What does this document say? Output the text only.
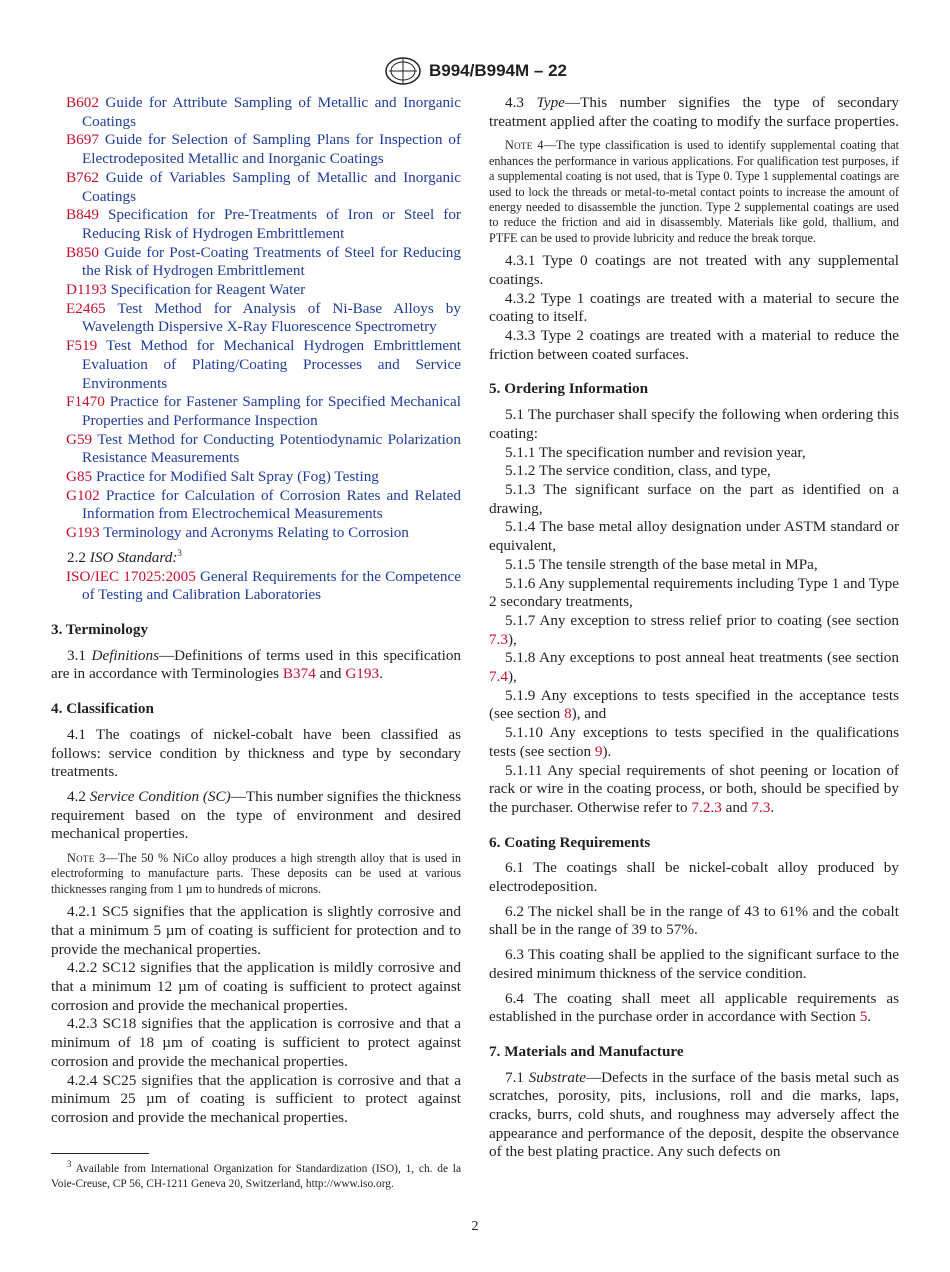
B994/B994M – 22

B602 Guide for Attribute Sampling of Metallic and Inorganic Coatings

B697 Guide for Selection of Sampling Plans for Inspection of Electrodeposited Metallic and Inorganic Coatings

B762 Guide of Variables Sampling of Metallic and Inorganic Coatings

B849 Specification for Pre-Treatments of Iron or Steel for Reducing Risk of Hydrogen Embrittlement

B850 Guide for Post-Coating Treatments of Steel for Reducing the Risk of Hydrogen Embrittlement

D1193 Specification for Reagent Water

E2465 Test Method for Analysis of Ni-Base Alloys by Wavelength Dispersive X-Ray Fluorescence Spectrometry

F519 Test Method for Mechanical Hydrogen Embrittlement Evaluation of Plating/Coating Processes and Service Environments

F1470 Practice for Fastener Sampling for Specified Mechanical Properties and Performance Inspection

G59 Test Method for Conducting Potentiodynamic Polarization Resistance Measurements

G85 Practice for Modified Salt Spray (Fog) Testing

G102 Practice for Calculation of Corrosion Rates and Related Information from Electrochemical Measurements

G193 Terminology and Acronyms Relating to Corrosion

2.2 ISO Standard:$^3$

ISO/IEC 17025:2005 General Requirements for the Competence of Testing and Calibration Laboratories

3. Terminology

3.1 Definitions—Definitions of terms used in this specification are in accordance with Terminologies B374 and G193.

4. Classification

4.1 The coatings of nickel-cobalt have been classified as follows: service condition by thickness and type by secondary treatments.

4.2 Service Condition (SC)—This number signifies the thickness requirement based on the type of environment and desired mechanical properties.

Note 3—The 50 % NiCo alloy produces a high strength alloy that is used in electroforming to manufacture parts. These deposits can be used at various thicknesses ranging from 1 µm to hundreds of microns.

4.2.1 SC5 signifies that the application is slightly corrosive and that a minimum 5 µm of coating is sufficient for protection and to provide the mechanical properties.

4.2.2 SC12 signifies that the application is mildly corrosive and that a minimum 12 µm of coating is sufficient to protect against corrosion and provide the mechanical properties.

4.2.3 SC18 signifies that the application is corrosive and that a minimum of 18 µm of coating is sufficient to protect against corrosion and provide the mechanical properties.

4.2.4 SC25 signifies that the application is corrosive and that a minimum 25 µm of coating is sufficient to protect against corrosion and provide the mechanical properties.

$^3$ Available from International Organization for Standardization (ISO), 1, ch. de la Voie-Creuse, CP 56, CH-1211 Geneva 20, Switzerland, http://www.iso.org.

4.3 Type—This number signifies the type of secondary treatment applied after the coating to modify the surface properties.

Note 4—The type classification is used to identify supplemental coating that enhances the performance in various applications. For qualification test purposes, if a supplemental coating is not used, that is Type 0. Type 1 supplemental coatings are used to lock the threads or metal-to-metal contact points to increase the amount of energy needed to disassemble the junction. Type 2 supplemental coatings are used to reduce the friction and aid in disassembly. Materials like gold, thallium, and PTFE can be used to provide lubricity and reduce the break torque.

4.3.1 Type 0 coatings are not treated with any supplemental coatings.

4.3.2 Type 1 coatings are treated with a material to secure the coating to itself.

4.3.3 Type 2 coatings are treated with a material to reduce the friction between coated surfaces.

5. Ordering Information

5.1 The purchaser shall specify the following when ordering this coating:

5.1.1 The specification number and revision year,

5.1.2 The service condition, class, and type,

5.1.3 The significant surface on the part as identified on a drawing,

5.1.4 The base metal alloy designation under ASTM standard or equivalent,

5.1.5 The tensile strength of the base metal in MPa,

5.1.6 Any supplemental requirements including Type 1 and Type 2 secondary treatments,

5.1.7 Any exception to stress relief prior to coating (see section 7.3),

5.1.8 Any exceptions to post anneal heat treatments (see section 7.4),

5.1.9 Any exceptions to tests specified in the acceptance tests (see section 8), and

5.1.10 Any exceptions to tests specified in the qualifications tests (see section 9).

5.1.11 Any special requirements of shot peening or location of rack or wire in the coating process, or both, should be specified by the purchaser. Otherwise refer to 7.2.3 and 7.3.

6. Coating Requirements

6.1 The coatings shall be nickel-cobalt alloy produced by electrodeposition.

6.2 The nickel shall be in the range of 43 to 61% and the cobalt shall be in the range of 39 to 57%.

6.3 This coating shall be applied to the significant surface to the desired minimum thickness of the service condition.

6.4 The coating shall meet all applicable requirements as established in the purchase order in accordance with Section 5.

7. Materials and Manufacture

7.1 Substrate—Defects in the surface of the basis metal such as scratches, porosity, pits, inclusions, roll and die marks, laps, cracks, burrs, cold shuts, and roughness may adversely affect the appearance and performance of the deposit, despite the observance of the best plating practice. Any such defects on

2
